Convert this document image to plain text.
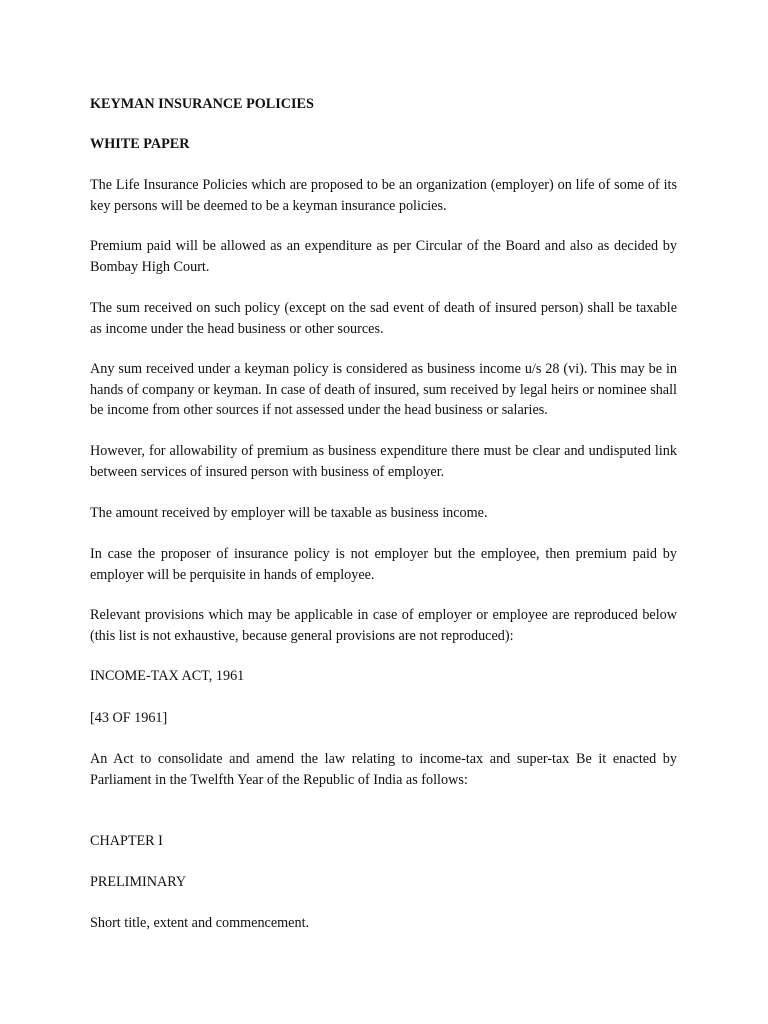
KEYMAN INSURANCE POLICIES

WHITE PAPER

The Life Insurance Policies which are proposed to be an organization (employer) on life of some of its key persons will be deemed to be a keyman insurance policies.

Premium paid will be allowed as an expenditure as per Circular of the Board and also as decided by Bombay High Court.

The sum received on such policy (except on the sad event of death of insured person) shall be taxable as income under the head business or other sources.

Any sum received under a keyman policy is considered as business income u/s 28 (vi). This may be in hands of company or keyman. In case of death of insured, sum received by legal heirs or nominee shall be income from other sources if not assessed under the head business or salaries.

However, for allowability of premium as business expenditure there must be clear and undisputed link between services of insured person with business of employer.

The amount received by employer will be taxable as business income.

In case the proposer of insurance policy is not employer but the employee, then premium paid by employer will be perquisite in hands of employee.

Relevant provisions which may be applicable in case of employer or employee are reproduced below (this list is not exhaustive, because general provisions are not reproduced):

INCOME-TAX ACT, 1961

[43 OF 1961]

An Act to consolidate and amend the law relating to income-tax and super-tax Be it enacted by Parliament in the Twelfth Year of the Republic of India as follows:

CHAPTER I

PRELIMINARY

Short title, extent and commencement.
